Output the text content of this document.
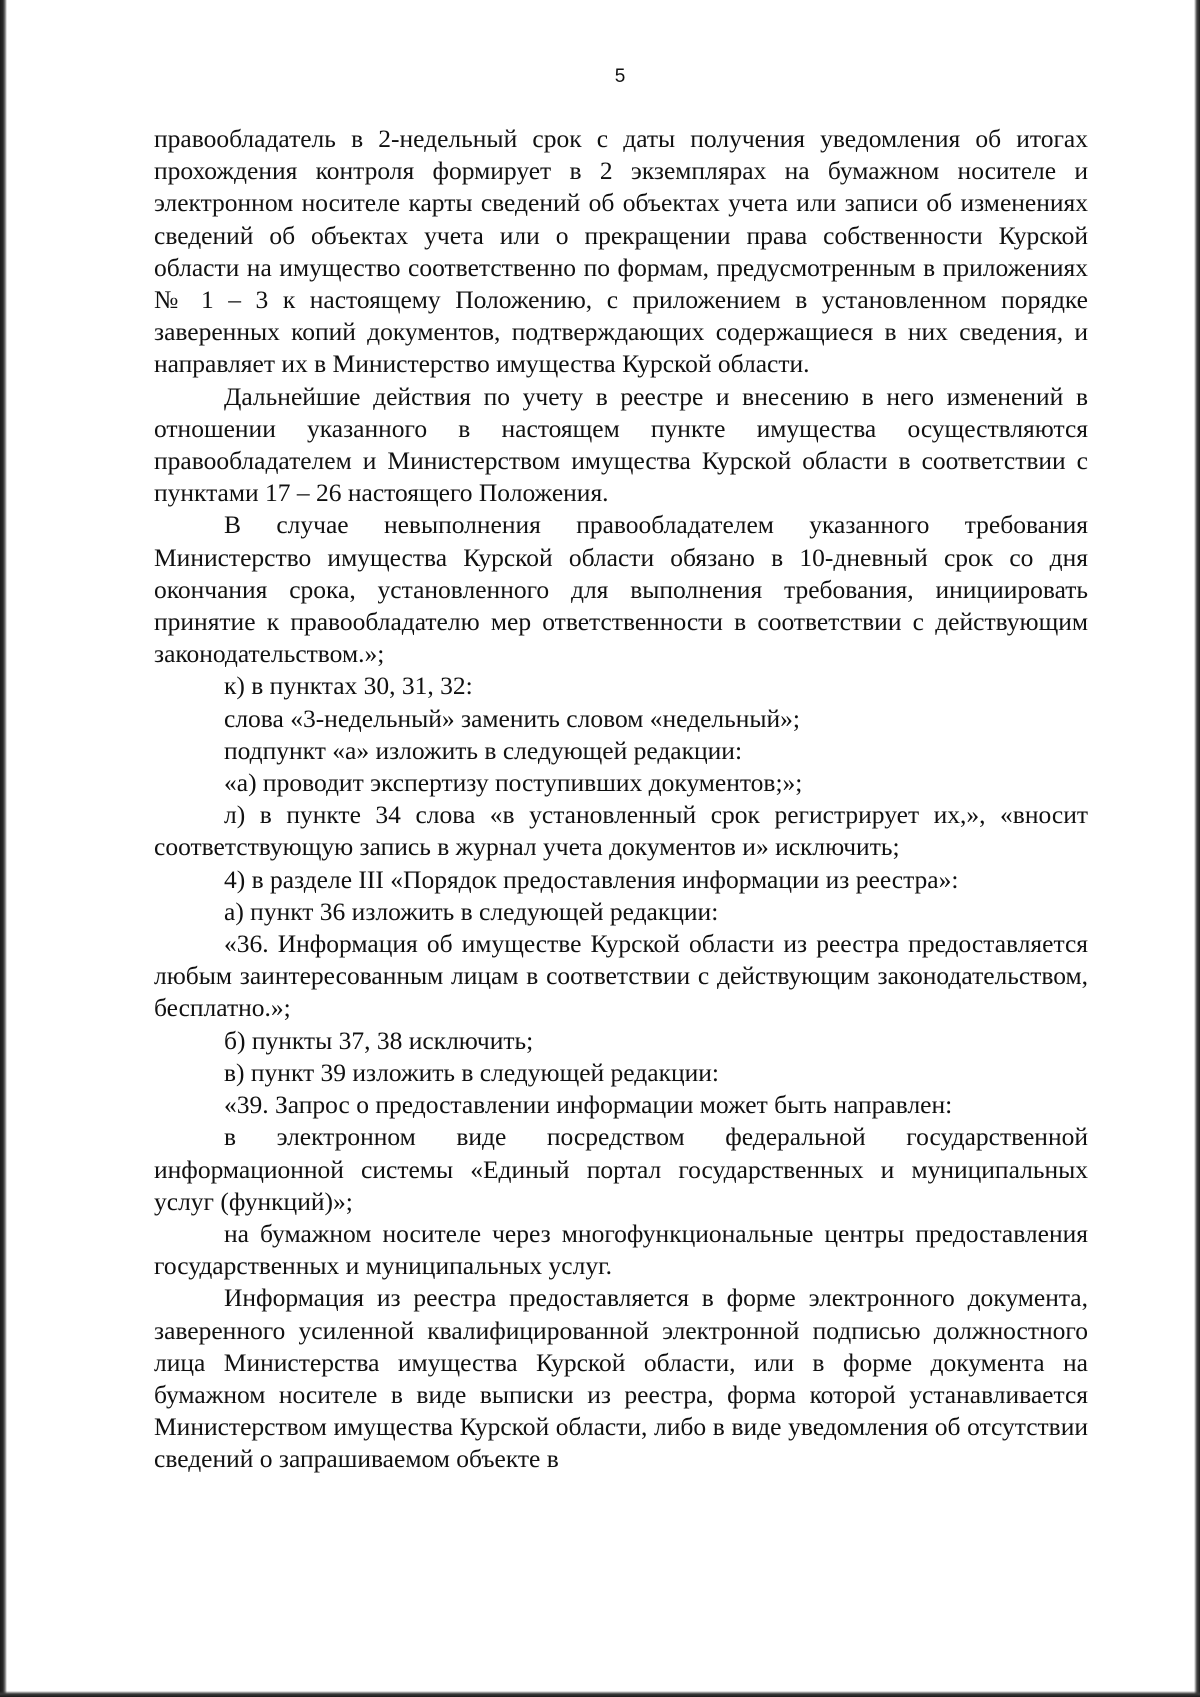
5

правообладатель в 2-недельный срок с даты получения уведомления об итогах прохождения контроля формирует в 2 экземплярах на бумажном носителе и электронном носителе карты сведений об объектах учета или записи об изменениях сведений об объектах учета или о прекращении права собственности Курской области на имущество соответственно по формам, предусмотренным в приложениях № 1 – 3 к настоящему Положению, с приложением в установленном порядке заверенных копий документов, подтверждающих содержащиеся в них сведения, и направляет их в Министерство имущества Курской области.

Дальнейшие действия по учету в реестре и внесению в него изменений в отношении указанного в настоящем пункте имущества осуществляются правообладателем и Министерством имущества Курской области в соответствии с пунктами 17 – 26 настоящего Положения.

В случае невыполнения правообладателем указанного требования Министерство имущества Курской области обязано в 10-дневный срок со дня окончания срока, установленного для выполнения требования, инициировать принятие к правообладателю мер ответственности в соответствии с действующим законодательством.»;

к) в пунктах 30, 31, 32:

слова «3-недельный» заменить словом «недельный»;

подпункт «а» изложить в следующей редакции:

«а) проводит экспертизу поступивших документов;»;

л) в пункте 34 слова «в установленный срок регистрирует их,», «вносит соответствующую запись в журнал учета документов и» исключить;

4) в разделе III «Порядок предоставления информации из реестра»:

а) пункт 36 изложить в следующей редакции:

«36. Информация об имуществе Курской области из реестра предоставляется любым заинтересованным лицам в соответствии с действующим законодательством, бесплатно.»;

б) пункты 37, 38 исключить;

в) пункт 39 изложить в следующей редакции:

«39. Запрос о предоставлении информации может быть направлен:

в электронном виде посредством федеральной государственной информационной системы «Единый портал государственных и муниципальных услуг (функций)»;

на бумажном носителе через многофункциональные центры предоставления государственных и муниципальных услуг.

Информация из реестра предоставляется в форме электронного документа, заверенного усиленной квалифицированной электронной подписью должностного лица Министерства имущества Курской области, или в форме документа на бумажном носителе в виде выписки из реестра, форма которой устанавливается Министерством имущества Курской области, либо в виде уведомления об отсутствии сведений о запрашиваемом объекте в
